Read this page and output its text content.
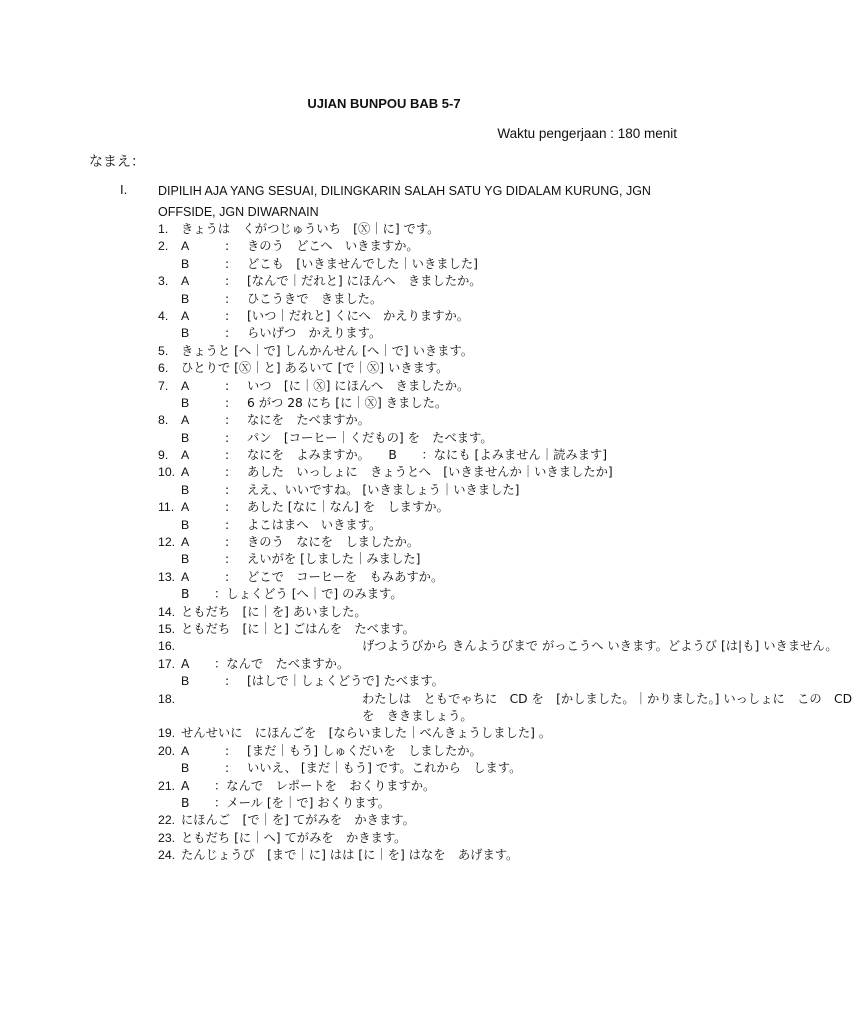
UJIAN BUNPOU BAB 5-7
Waktu pengerjaan : 180 menit
なまえ：
I. DIPILIH AJA YANG SESUAI, DILINGKARIN SALAH SATU YG DIDALAM KURUNG, JGN OFFSIDE, JGN DIWARNAIN
1. きょうは　くがつじゅういち　[Ⓧ｜に] です。
2. A	: きのう　どこへ　いきますか。
B	: どこも　[いきませんでした｜いきました]
3. A	: [なんで｜だれと] にほんへ　きましたか。
B	: ひこうきで　きました。
4. A	: [いつ｜だれと] くにへ　かえりますか。
B	: らいげつ　かえります。
5. きょうと [へ｜で] しんかんせん [へ｜で] いきます。
6. ひとりで [Ⓧ｜と] あるいて [で｜Ⓧ] いきます。
7. A	: いつ　[に｜Ⓧ] にほんへ　きましたか。
B	: 6 がつ 28 にち [に｜Ⓧ] きました。
8. A	: なにを　たべますか。
B	: パン　[コーヒー｜くだもの] を　たべます。
9. A	: なにを　よみますか。　　B　　：なにも [よみません｜読みます]
10. A	: あした　いっしょに　きょうとへ　[いきませんか｜いきましたか]
B	: ええ、いいですね。 [いきましょう｜いきました]
11. A	: あした [なに｜なん] を　しますか。
B	: よこはまへ　いきます。
12. A	: きのう　なにを　しましたか。
B	: えいがを [しました｜みました]
13. A	: どこで　コーヒーを　もみあすか。
B　　：しょくどう [へ｜で] のみます。
14. ともだち　[に｜を] あいました。
15. ともだち　[に｜と] ごはんを　たべます。
16.	げつようびから きんようびまで がっこうへ いきます。どようび [は|も] いきません。
17. A　　：なんで　たべますか。
B	: [はしで｜しょくどうで] たべます。
18.	わたしは　ともでゃちに　CD を　[かしました。｜かりました。] いっしょに　この　CD を　ききましょう。
19. せんせいに　にほんごを　[ならいました｜べんきょうしました] 。
20. A	: [まだ｜もう] しゅくだいを　しましたか。
B	: いいえ、 [まだ｜もう] です。これから　します。
21. A　　：なんで　レポートを　おくりますか。
B　　：メール [を｜で] おくります。
22. にほんご　[で｜を] てがみを　かきます。
23. ともだち [に｜へ] てがみを　かきます。
24. たんじょうび　[まで｜に] はは [に｜を] はなを　あげます。
